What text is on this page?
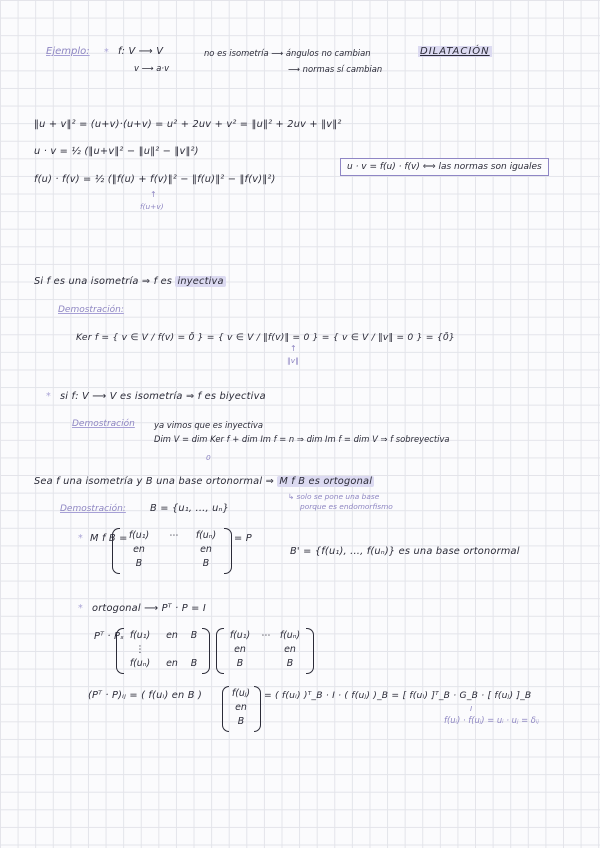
Ejemplo: * f: V ⟶ V
v ⟶ a·v
no es isometría ⟶ ángulos no cambian
⟶ normas sí cambian
DILATACIÓN
‖u + v‖² = (u+v)·(u+v) = u² + 2uv + v² = ‖u‖² + 2uv + ‖v‖²
u · v = ½ (‖u+v‖² − ‖u‖² − ‖v‖²)
f(u) · f(v) = ½ (‖f(u) + f(v)‖² − ‖f(u)‖² − ‖f(v)‖²)
f(u+v)
↑
u · v = f(u) · f(v) ⟺ las normas son iguales
Si f es una isometría ⇒ f es inyectiva
Demostración:
Ker f = { v ∈ V / f(v) = 0̄ } = { v ∈ V / ‖f(v)‖ = 0 } = { v ∈ V / ‖v‖ = 0 } = {0̄}
↑
‖v‖
* si f: V ⟶ V es isometría ⇒ f es biyectiva
Demostración ya vimos que es inyectiva
Dim V = dim Ker f + dim Im f = n ⇒ dim Im f = dim V ⇒ f sobreyectiva
0
Sea f una isometría y B una base ortonormal ⇒ M f B es ortogonal
↳ solo se pone una base
porque es endomorfismo
Demostración: B = {u₁, ..., uₙ}
* M f B = f(u₁)
en
B
⋯	f(uₙ)
en
B
= P
B' = {f(u₁), ..., f(uₙ)} es una base ortonormal
* ortogonal ⟶ Pᵀ · P = I
Pᵀ · Pₛ f(u₁)
⋮
f(uₙ)
en

en
B

B
f(u₁)
en
B
⋯ f(uₙ)
en
B
(Pᵀ · P)ᵢⱼ = ( f(uᵢ) en B )	f(uⱼ)
en
B
= ( f(uᵢ) )ᵀ_B · I · ( f(uⱼ) )_B = [ f(uᵢ) ]ᵀ_B · G_B · [ f(uⱼ) ]_B
I
f(uᵢ) · f(uⱼ) = uᵢ · uⱼ = δᵢⱼ
